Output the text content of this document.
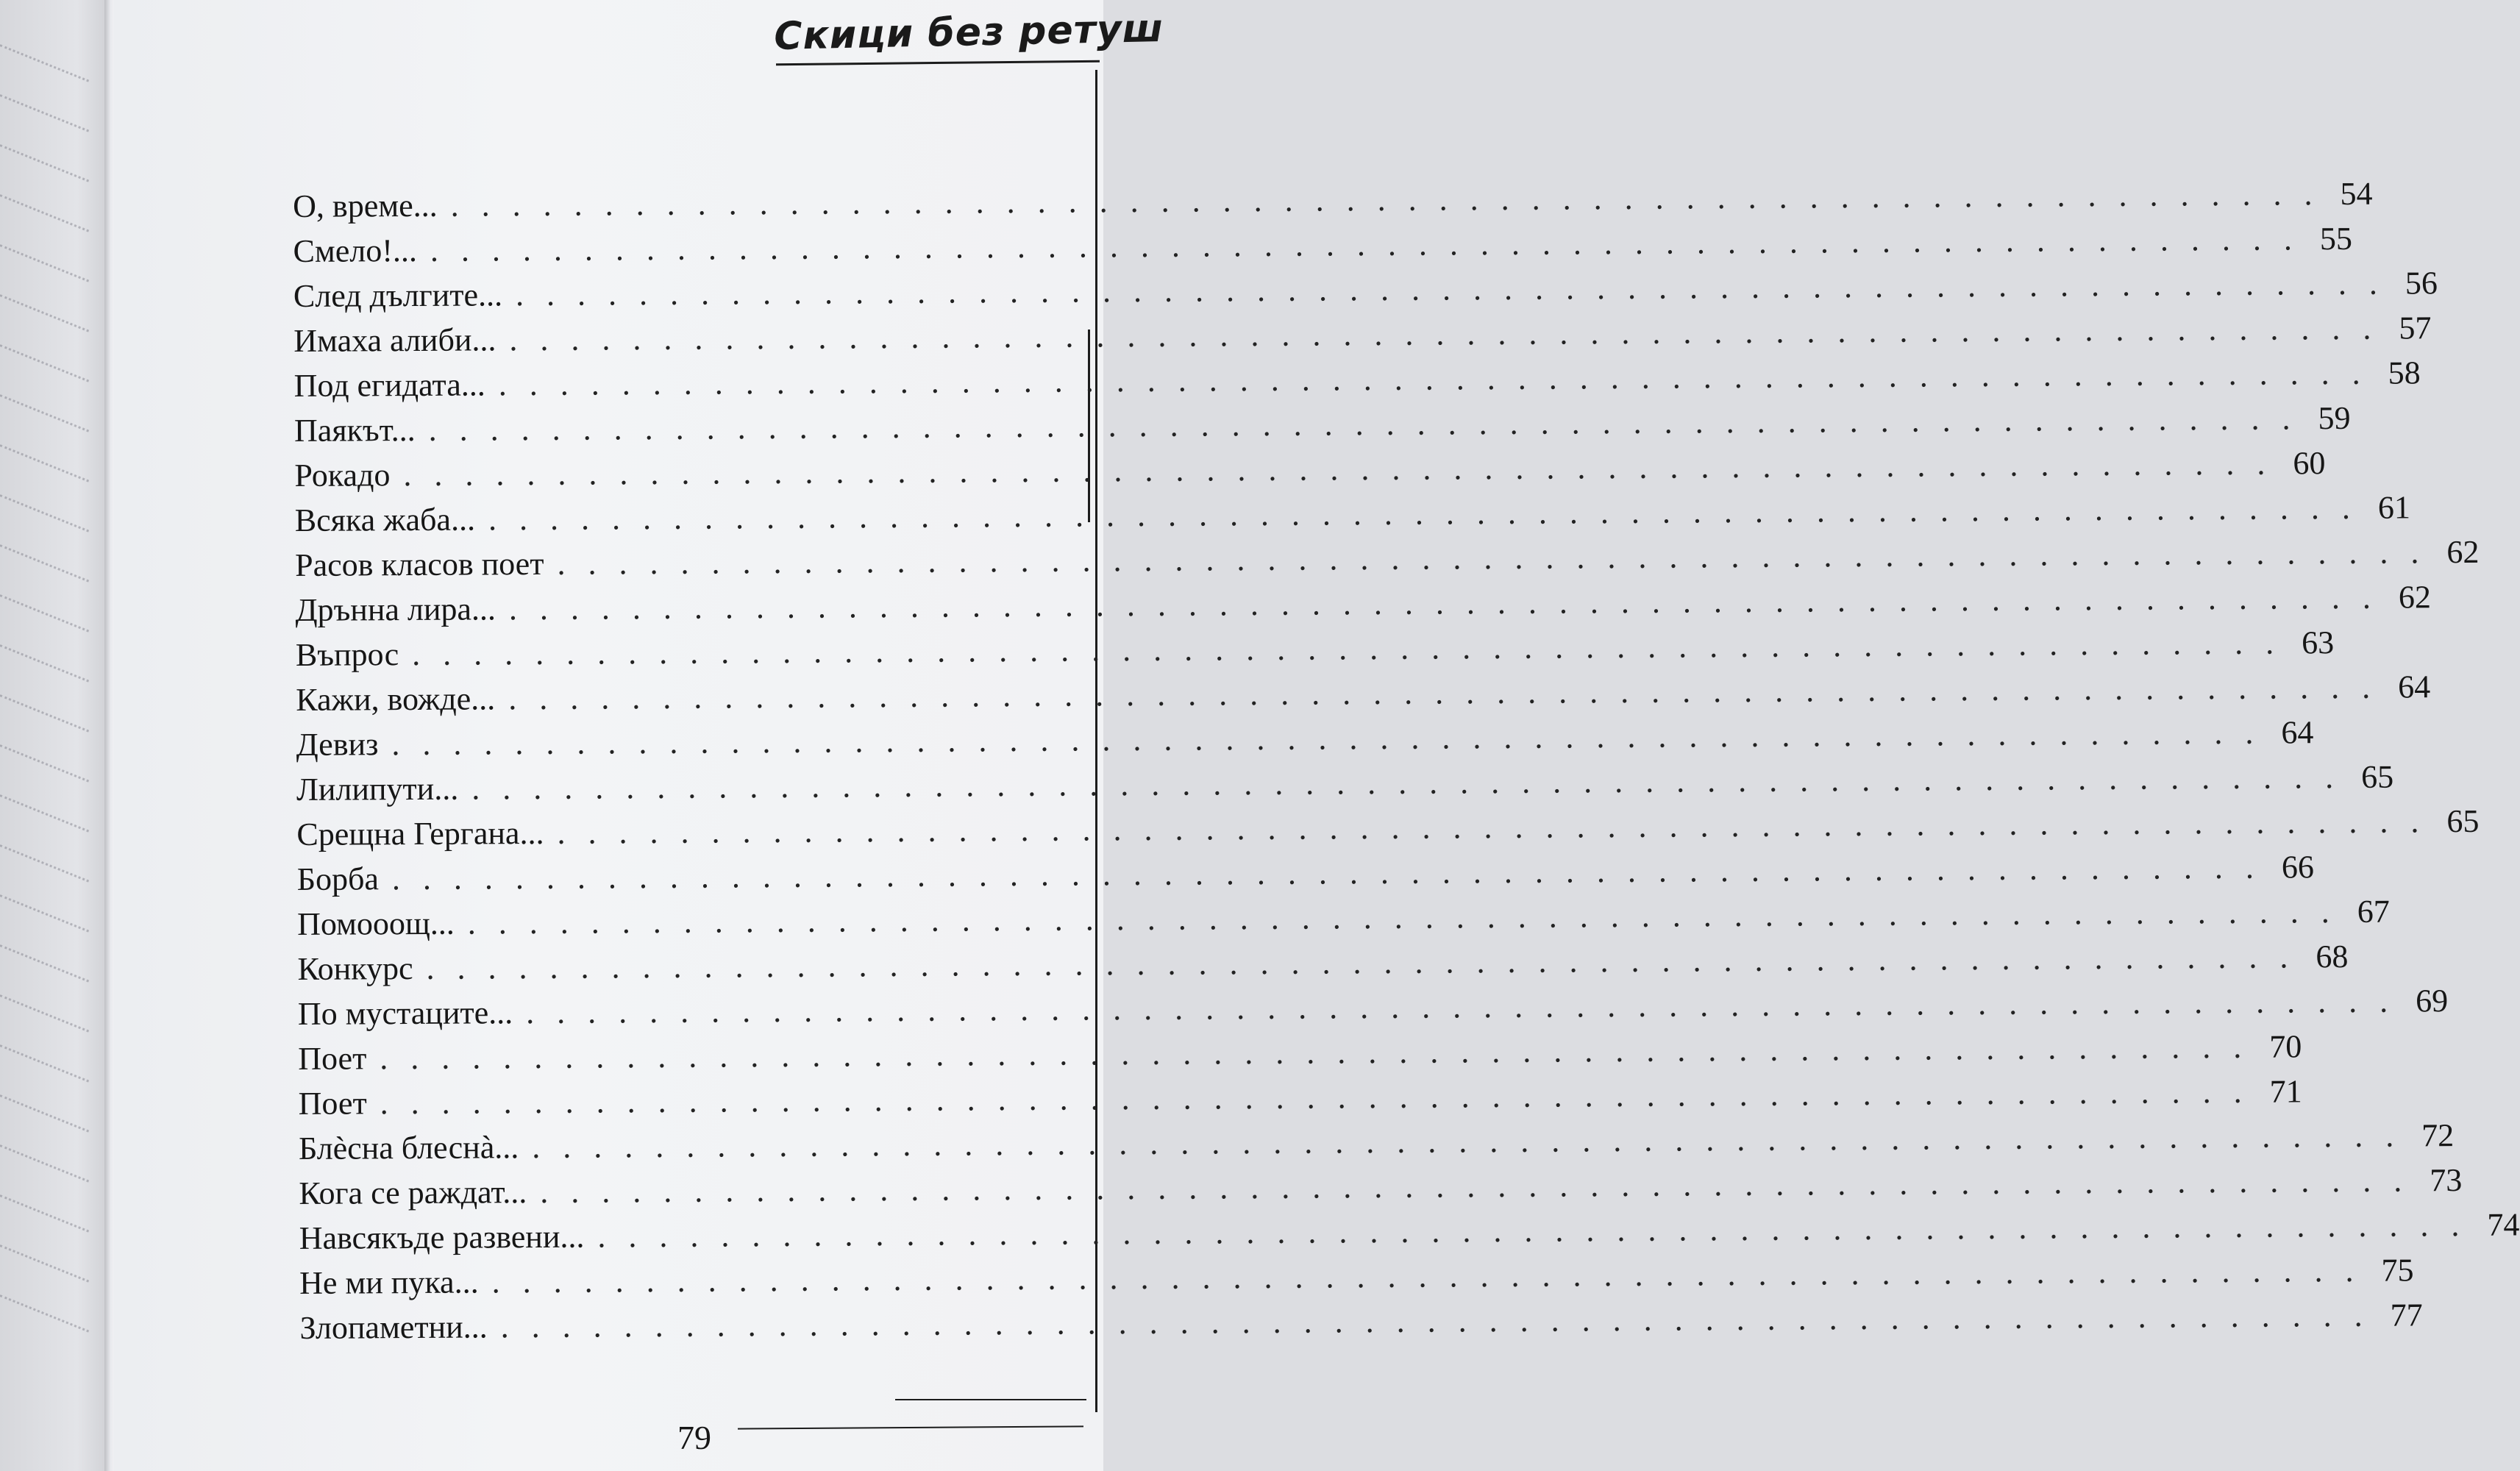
Скици без ретуш
О, време... . . .	54
Смело!... . . .	55
След дългите... . . .	56
Имаха алиби... . . .	57
Под егидата... . . .	58
Паякът... . . .	59
Рокадо . . .	60
Всяка жаба... . . .	61
Расов класов поет . . .	62
Дрънна лира... . . .	62
Въпрос . . .	63
Кажи, вожде... . . .	64
Девиз . . .	64
Лилипути... . . .	65
Срещна Гергана... . . .	65
Борба . . .	66
Помооощ... . . .	67
Конкурс . . .	68
По мустаците... . . .	69
Поет . . .	70
Поет . . .	71
Блѐсна блеснà... . . .	72
Кога се раждат... . . .	73
Навсякъде развени... . . .	74
Не ми пука... . . .	75
Злопаметни... . . .	77
79
